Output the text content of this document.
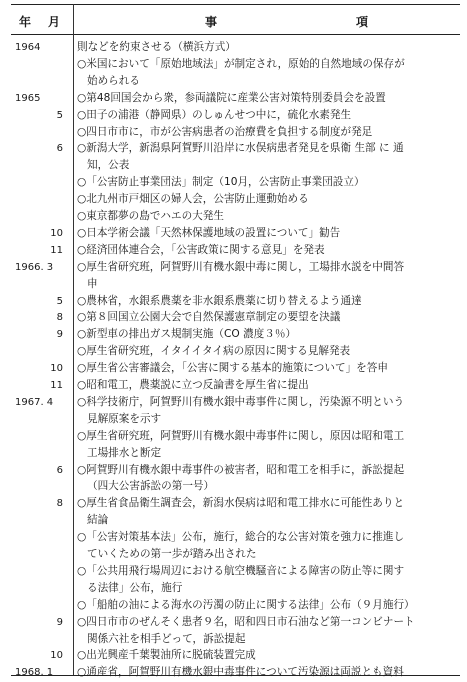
年 月	事	項
1964	則などを約束させる（横浜方式）
○米国において「原始地域法」が制定され，原始的自然地域の保存が
始められる
1965	○第48回国会から衆，参両議院に産業公害対策特別委員会を設置
5 ○田子の浦港（静岡県）のしゅんせつ中に，硫化水素発生
○四日市市に，市が公害病患者の治療費を負担する制度が発足
6 ○新潟大学，新潟県阿賀野川沿岸に水俣病患者発見を県衛 生部 に 通
知，公表
○「公害防止事業団法」制定（10月，公害防止事業団設立）
○北九州市戸畑区の婦人会，公害防止運動始める
○東京都夢の島でハエの大発生
10 ○日本学術会議「天然林保護地域の設置について」勧告
11 ○経済団体連合会，「公害政策に関する意見」を発表
1966. 3 ○厚生省研究班，阿賀野川有機水銀中毒に関し，工場排水説を中間答
申
5 ○農林省，水銀系農薬を非水銀系農薬に切り替えるよう通達
8 ○第８回国立公園大会で自然保護憲章制定の要望を決議
9 ○新型車の排出ガス規制実施（CO 濃度３％）
○厚生省研究班，イタイイタイ病の原因に関する見解発表
10 ○厚生省公害審議会，「公害に関する基本的施策について」を答申
11 ○昭和電工，農薬説に立つ反論書を厚生省に提出
1967. 4 ○科学技術庁，阿賀野川有機水銀中毒事件に関し，汚染源不明という
見解原案を示す
○厚生省研究班，阿賀野川有機水銀中毒事件に関し，原因は昭和電工
工場排水と断定
6 ○阿賀野川有機水銀中毒事件の被害者，昭和電工を相手に，訴訟提起
（四大公害訴訟の第一号）
8 ○厚生省食品衛生調査会，新潟水俣病は昭和電工排水に可能性ありと
結論
○「公害対策基本法」公布，施行，総合的な公害対策を強力に推進し
ていくための第一歩が踏み出された
○「公共用飛行場周辺における航空機騒音による障害の防止等に関す
る法律」公布，施行
○「船舶の油による海水の汚濁の防止に関する法律」公布（９月施行）
9 ○四日市市のぜんそく患者９名，昭和四日市石油など第一コンビナート
関係六社を相手どって，訴訟提起
10 ○出光興産千葉製油所に脱硫装置完成
1968. 1 ○通産省，阿賀野川有機水銀中毒事件について汚染源は両説とも資料
